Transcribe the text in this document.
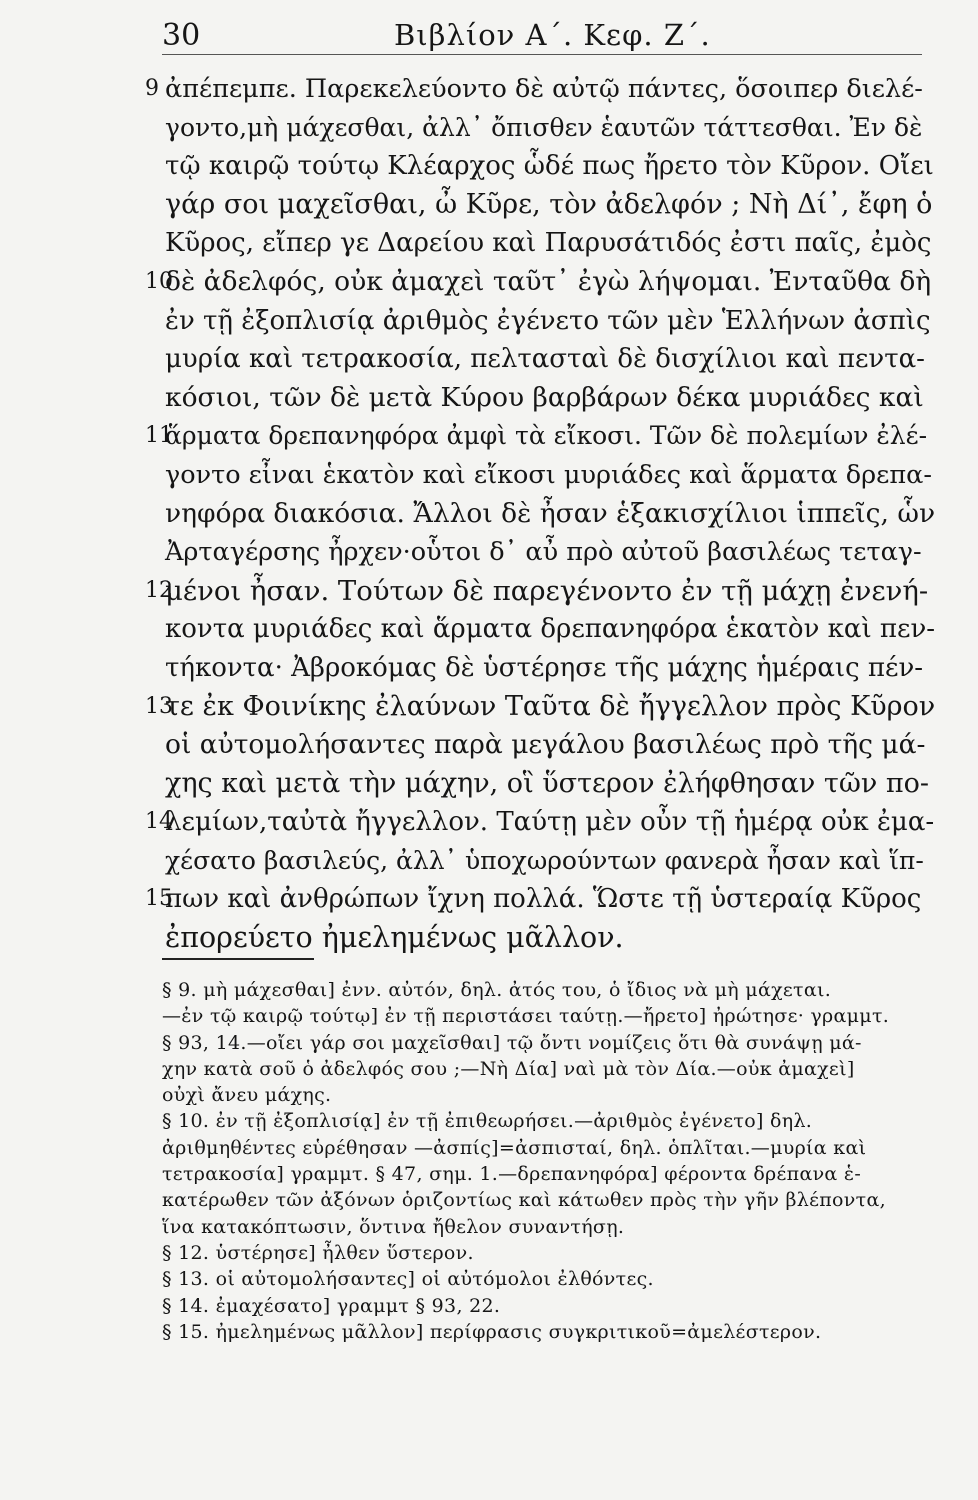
30	Βιβλίον Α΄. Κεφ. Ζ΄.
9 ἀπέπεμπε. Παρεκελεύοντο δὲ αὐτῷ πάντες, ὅσοιπερ διελέ-
γοντο,μὴ μάχεσθαι, ἀλλ᾽ ὄπισθεν ἑαυτῶν τάττεσθαι. Ἐν δὲ
τῷ καιρῷ τούτῳ Κλέαρχος ὧδέ πως ἤρετο τὸν Κῦρον. Οἴει
γάρ σοι μαχεῖσθαι, ὦ Κῦρε, τὸν ἀδελφόν ; Νὴ Δί᾽, ἔφη ὁ
Κῦρος, εἴπερ γε Δαρείου καὶ Παρυσάτιδός ἐστι παῖς, ἐμὸς
10
δὲ ἀδελφός, οὐκ ἀμαχεὶ ταῦτ᾽ ἐγὼ λήψομαι. Ἐνταῦθα δὴ
ἐν τῇ ἐξοπλισίᾳ ἀριθμὸς ἐγένετο τῶν μὲν Ἑλλήνων ἀσπὶς
μυρία καὶ τετρακοσία, πελτασταὶ δὲ δισχίλιοι καὶ πεντα-
κόσιοι, τῶν δὲ μετὰ Κύρου βαρβάρων δέκα μυριάδες καὶ
11
ἅρματα δρεπανηφόρα ἀμφὶ τὰ εἴκοσι. Τῶν δὲ πολεμίων ἐλέ-
γοντο εἶναι ἑκατὸν καὶ εἴκοσι μυριάδες καὶ ἅρματα δρεπα-
νηφόρα διακόσια. Ἄλλοι δὲ ἦσαν ἑξακισχίλιοι ἱππεῖς, ὧν
Ἀρταγέρσης ἦρχεν·οὗτοι δ᾽ αὖ πρὸ αὐτοῦ βασιλέως τεταγ-
12
μένοι ἦσαν. Τούτων δὲ παρεγένοντο ἐν τῇ μάχῃ ἐνενή-
κοντα μυριάδες καὶ ἅρματα δρεπανηφόρα ἑκατὸν καὶ πεν-
τήκοντα· Ἀβροκόμας δὲ ὑστέρησε τῆς μάχης ἡμέραις πέν-
13
τε ἐκ Φοινίκης ἐλαύνων Ταῦτα δὲ ἤγγελλον πρὸς Κῦρον
οἱ αὐτομολήσαντες παρὰ μεγάλου βασιλέως πρὸ τῆς μά-
χης καὶ μετὰ τὴν μάχην, οἳ ὕστερον ἐλήφθησαν τῶν πο-
14
λεμίων,ταὐτὰ ἤγγελλον. Ταύτῃ μὲν οὖν τῇ ἡμέρᾳ οὐκ ἐμα-
χέσατο βασιλεύς, ἀλλ᾽ ὑποχωρούντων φανερὰ ἦσαν καὶ ἵπ-
15
πων καὶ ἀνθρώπων ἴχνη πολλά. Ὥστε τῇ ὑστεραίᾳ Κῦρος
ἐπορεύετο ἠμελημένως μᾶλλον.
§ 9. μὴ μάχεσθαι] ἐνν. αὐτόν, δηλ. ἀτός του, ὁ ἴδιος νὰ μὴ μάχεται.
—ἐν τῷ καιρῷ τούτῳ] ἐν τῇ περιστάσει ταύτῃ.—ἤρετο] ἠρώτησε· γραμμτ.
§ 93, 14.—οἴει γάρ σοι μαχεῖσθαι] τῷ ὄντι νομίζεις ὅτι θὰ συνάψῃ μά-
χην κατὰ σοῦ ὁ ἀδελφός σου ;—Νὴ Δία] ναὶ μὰ τὸν Δία.—οὐκ ἀμαχεὶ]
οὐχὶ ἄνευ μάχης.
§ 10. ἐν τῇ ἐξοπλισίᾳ] ἐν τῇ ἐπιθεωρήσει.—ἀριθμὸς ἐγένετο] δηλ.
ἀριθμηθέντες εὑρέθησαν —ἀσπίς]=ἀσπισταί, δηλ. ὁπλῖται.—μυρία καὶ
τετρακοσία] γραμμτ. § 47, σημ. 1.—δρεπανηφόρα] φέροντα δρέπανα ἑ-
κατέρωθεν τῶν ἀξόνων ὁριζοντίως καὶ κάτωθεν πρὸς τὴν γῆν βλέποντα,
ἵνα κατακόπτωσιν, ὅντινα ἤθελον συναντήσῃ.
§ 12. ὑστέρησε] ἦλθεν ὕστερον.
§ 13. οἱ αὐτομολήσαντες] οἱ αὐτόμολοι ἐλθόντες.
§ 14. ἐμαχέσατο] γραμμτ § 93, 22.
§ 15. ἠμελημένως μᾶλλον] περίφρασις συγκριτικοῦ=ἀμελέστερον.
